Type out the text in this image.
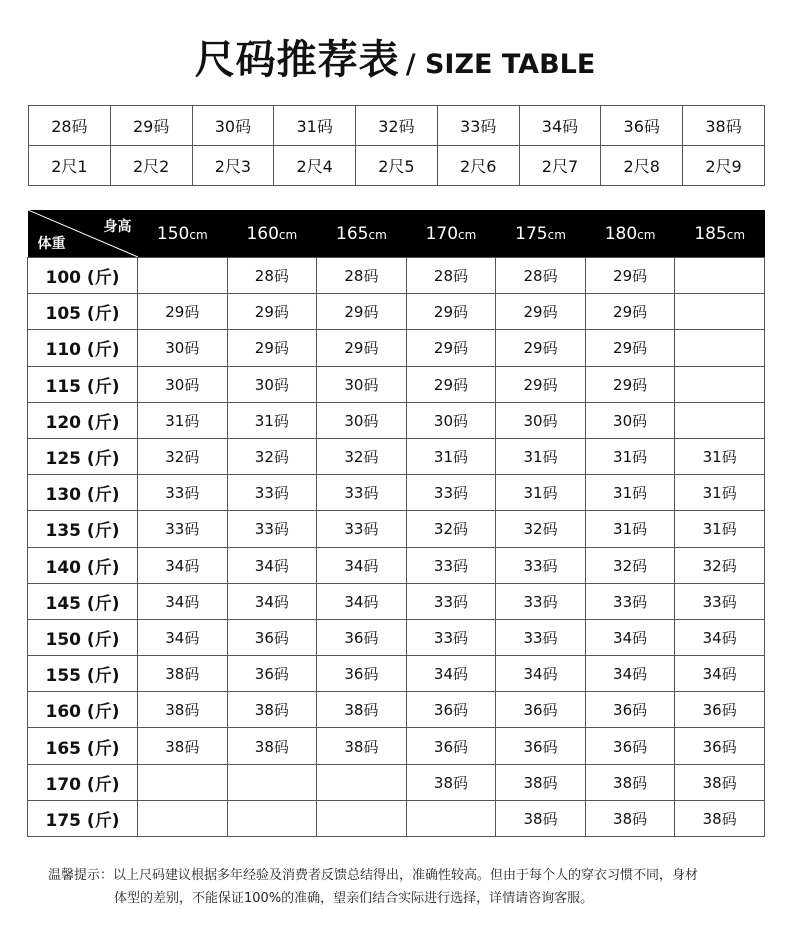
尺码推荐表 / SIZE TABLE
28码	29码	30码	31码	32码	33码	34码	36码	38码
2尺1	2尺2	2尺3	2尺4	2尺5	2尺6	2尺7	2尺8	2尺9
身高
体重	150cm	160cm	165cm	170cm	175cm	180cm	185cm
100 (斤)		28码	28码	28码	28码	29码	
105 (斤)	29码	29码	29码	29码	29码	29码	
110 (斤)	30码	29码	29码	29码	29码	29码	
115 (斤)	30码	30码	30码	29码	29码	29码	
120 (斤)	31码	31码	30码	30码	30码	30码	
125 (斤)	32码	32码	32码	31码	31码	31码	31码
130 (斤)	33码	33码	33码	33码	31码	31码	31码
135 (斤)	33码	33码	33码	32码	32码	31码	31码
140 (斤)	34码	34码	34码	33码	33码	32码	32码
145 (斤)	34码	34码	34码	33码	33码	33码	33码
150 (斤)	34码	36码	36码	33码	33码	34码	34码
155 (斤)	38码	36码	36码	34码	34码	34码	34码
160 (斤)	38码	38码	38码	36码	36码	36码	36码
165 (斤)	38码	38码	38码	36码	36码	36码	36码
170 (斤)				38码	38码	38码	38码
175 (斤)					38码	38码	38码
温馨提示：以上尺码建议根据多年经验及消费者反馈总结得出，准确性较高。但由于每个人的穿衣习惯不同，身材
体型的差别，不能保证100%的准确，望亲们结合实际进行选择，详情请咨询客服。
